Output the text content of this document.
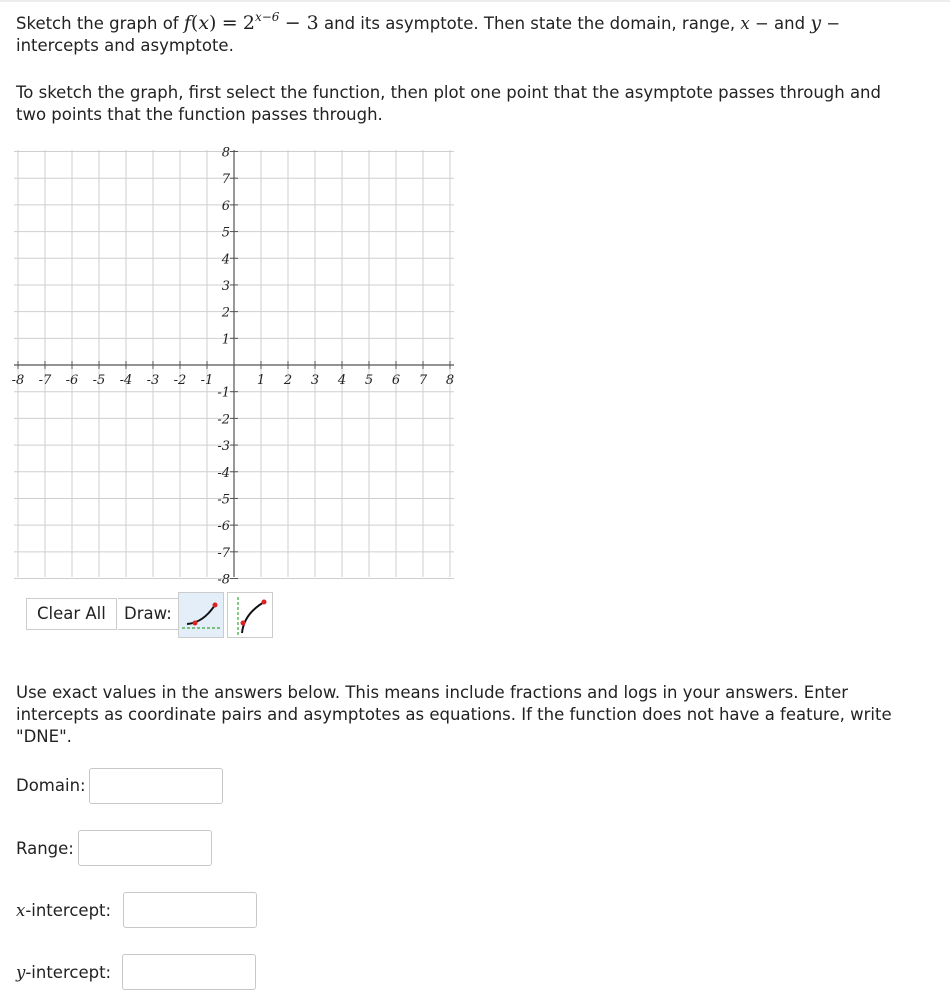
Sketch the graph of $f(x) = 2^{x-6} - 3$ and its asymptote. Then state the domain, range, x − and y −
intercepts and asymptote.
To sketch the graph, first select the function, then plot one point that the asymptote passes through and
two points that the function passes through.
-8 -7 -6 -5 -4 -3 -2 -1	1 2 3 4 5 6 7 8
8
7
6
5
4
3
2
1
-1
-2
-3
-4
-5
-6
-7
-8
Clear All	Draw:
Use exact values in the answers below. This means include fractions and logs in your answers. Enter
intercepts as coordinate pairs and asymptotes as equations. If the function does not have a feature, write
"DNE".
Domain:
Range:
x-intercept:
y-intercept:
